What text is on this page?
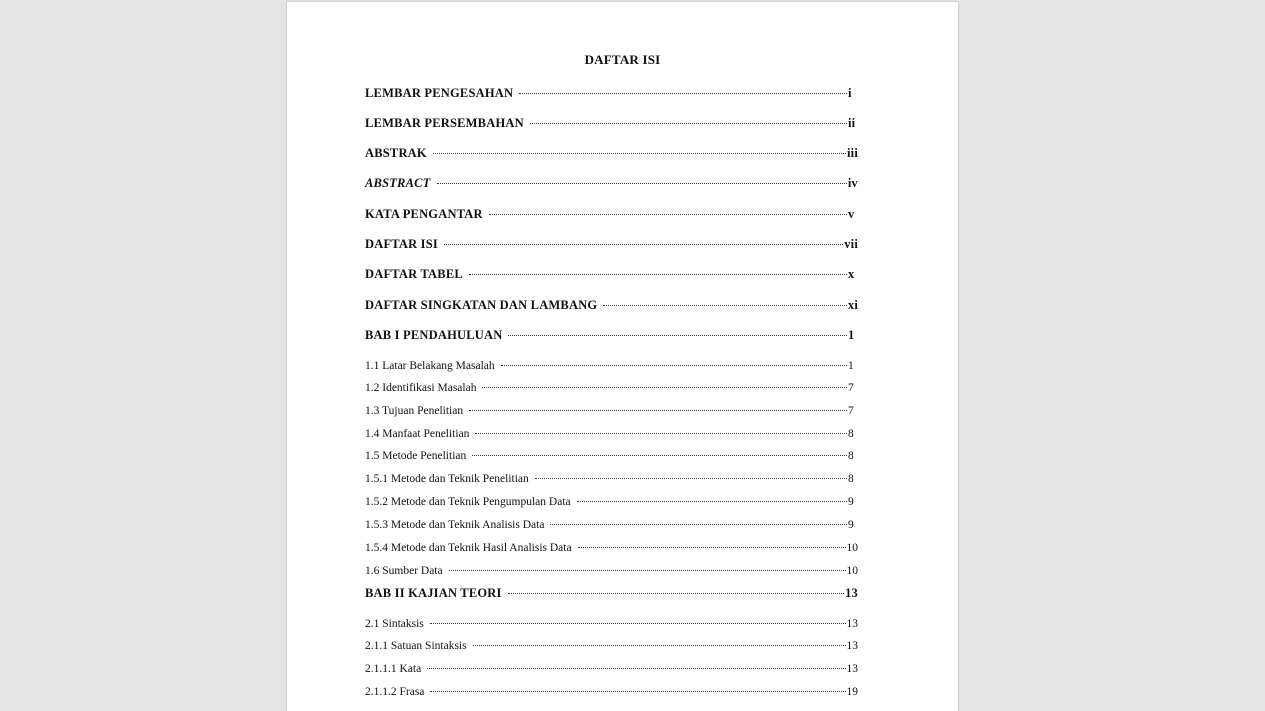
DAFTAR ISI
LEMBAR PENGESAHAN	i
LEMBAR PERSEMBAHAN	ii
ABSTRAK	iii
ABSTRACT	iv
KATA PENGANTAR	v
DAFTAR ISI	vii
DAFTAR TABEL	x
DAFTAR SINGKATAN DAN LAMBANG	xi
BAB I PENDAHULUAN	1
1.1 Latar Belakang Masalah	1
1.2 Identifikasi Masalah	7
1.3 Tujuan Penelitian	7
1.4 Manfaat Penelitian	8
1.5 Metode Penelitian	8
1.5.1 Metode dan Teknik Penelitian	8
1.5.2 Metode dan Teknik Pengumpulan Data	9
1.5.3 Metode dan Teknik Analisis Data	9
1.5.4 Metode dan Teknik Hasil Analisis Data	10
1.6 Sumber Data	10
BAB II KAJIAN TEORI	13
2.1 Sintaksis	13
2.1.1 Satuan Sintaksis	13
2.1.1.1 Kata	13
2.1.1.2 Frasa	19
